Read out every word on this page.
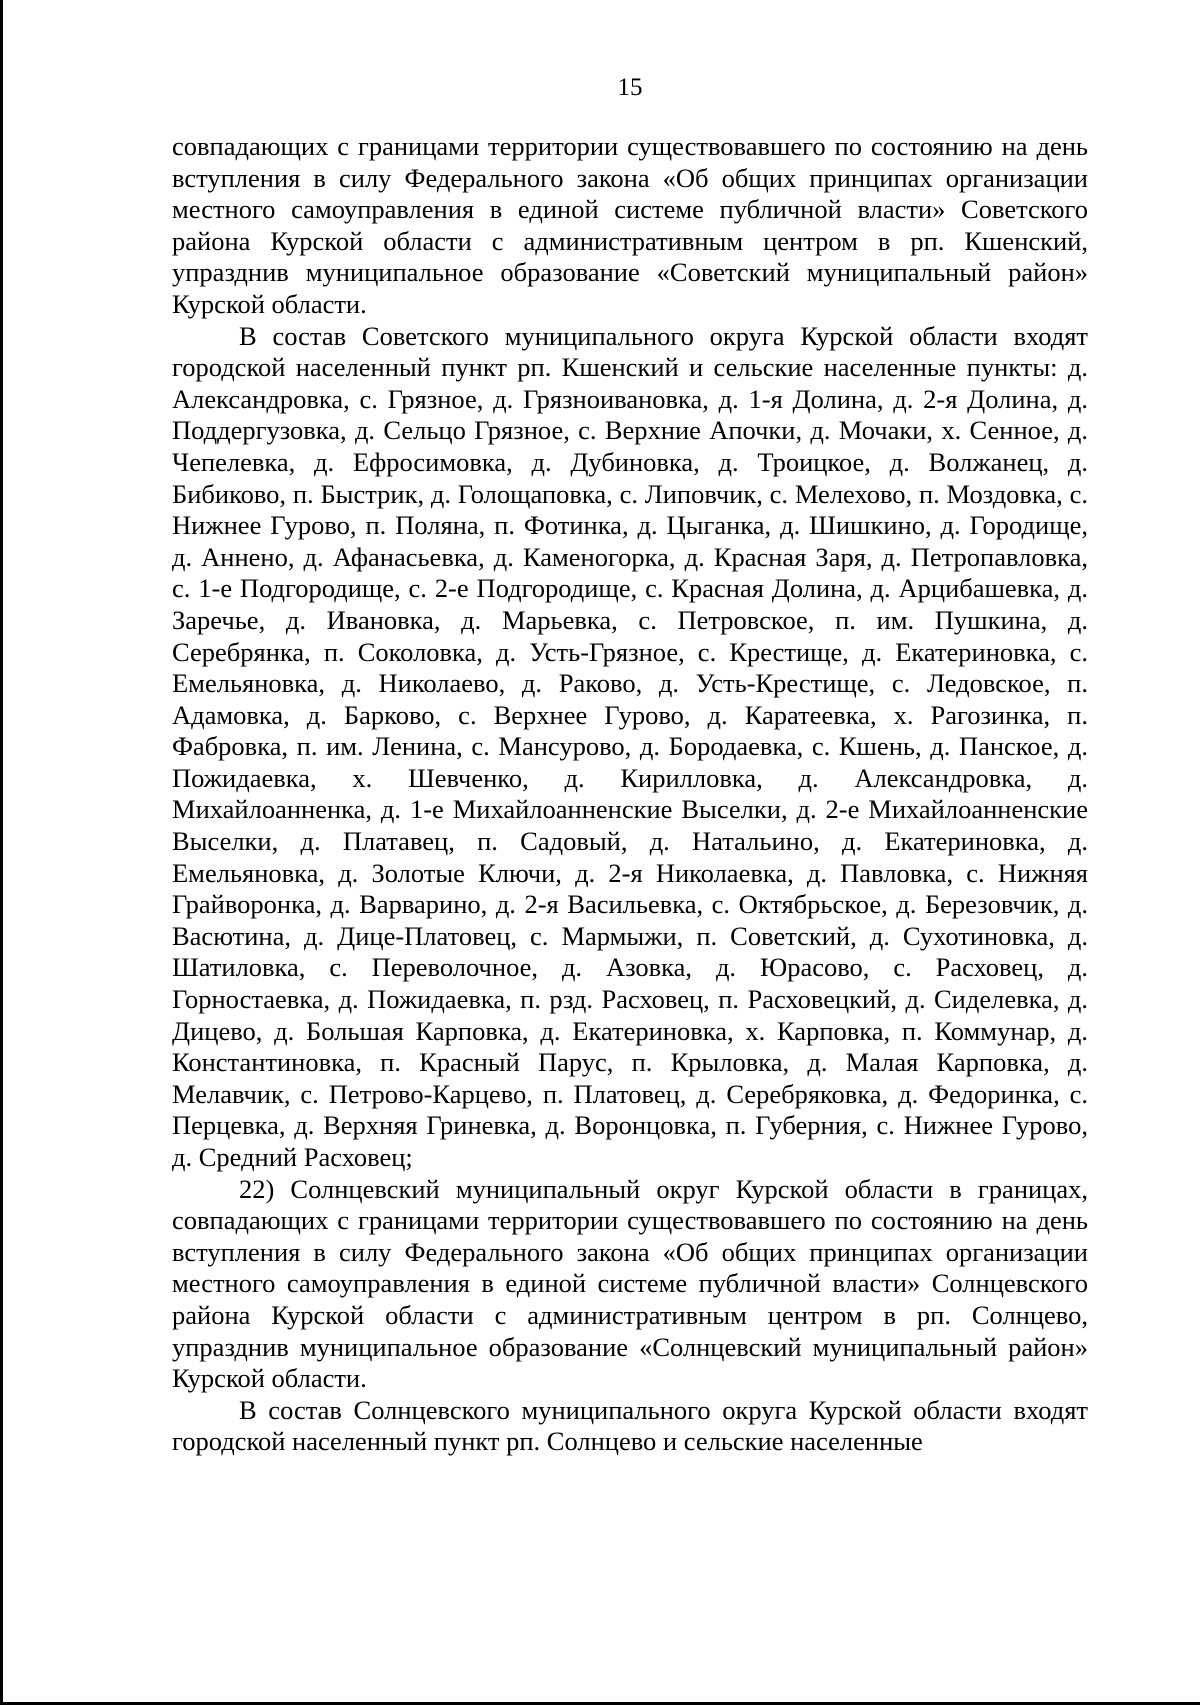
15

совпадающих с границами территории существовавшего по состоянию на день вступления в силу Федерального закона «Об общих принципах организации местного самоуправления в единой системе публичной власти» Советского района Курской области с административным центром в рп. Кшенский, упразднив муниципальное образование «Советский муниципальный район» Курской области.

В состав Советского муниципального округа Курской области входят городской населенный пункт рп. Кшенский и сельские населенные пункты: д. Александровка, с. Грязное, д. Грязноивановка, д. 1-я Долина, д. 2-я Долина, д. Поддергузовка, д. Сельцо Грязное, с. Верхние Апочки, д. Мочаки, х. Сенное, д. Чепелевка, д. Ефросимовка, д. Дубиновка, д. Троицкое, д. Волжанец, д. Бибиково, п. Быстрик, д. Голощаповка, с. Липовчик, с. Мелехово, п. Моздовка, с. Нижнее Гурово, п. Поляна, п. Фотинка, д. Цыганка, д. Шишкино, д. Городище, д. Аннено, д. Афанасьевка, д. Каменогорка, д. Красная Заря, д. Петропавловка, с. 1-е Подгородище, с. 2-е Подгородище, с. Красная Долина, д. Арцибашевка, д. Заречье, д. Ивановка, д. Марьевка, с. Петровское, п. им. Пушкина, д. Серебрянка, п. Соколовка, д. Усть-Грязное, с. Крестище, д. Екатериновка, с. Емельяновка, д. Николаево, д. Раково, д. Усть-Крестище, с. Ледовское, п. Адамовка, д. Барково, с. Верхнее Гурово, д. Каратеевка, х. Рагозинка, п. Фабровка, п. им. Ленина, с. Мансурово, д. Бородаевка, с. Кшень, д. Панское, д. Пожидаевка, х. Шевченко, д. Кирилловка, д. Александровка, д. Михайлоанненка, д. 1-е Михайлоанненские Выселки, д. 2-е Михайлоанненские Выселки, д. Платавец, п. Садовый, д. Натальино, д. Екатериновка, д. Емельяновка, д. Золотые Ключи, д. 2-я Николаевка, д. Павловка, с. Нижняя Грайворонка, д. Варварино, д. 2-я Васильевка, с. Октябрьское, д. Березовчик, д. Васютина, д. Дице-Платовец, с. Мармыжи, п. Советский, д. Сухотиновка, д. Шатиловка, с. Переволочное, д. Азовка, д. Юрасово, с. Расховец, д. Горностаевка, д. Пожидаевка, п. рзд. Расховец, п. Расховецкий, д. Сиделевка, д. Дицево, д. Большая Карповка, д. Екатериновка, х. Карповка, п. Коммунар, д. Константиновка, п. Красный Парус, п. Крыловка, д. Малая Карповка, д. Мелавчик, с. Петрово-Карцево, п. Платовец, д. Серебряковка, д. Федоринка, с. Перцевка, д. Верхняя Гриневка, д. Воронцовка, п. Губерния, с. Нижнее Гурово, д. Средний Расховец;

22) Солнцевский муниципальный округ Курской области в границах, совпадающих с границами территории существовавшего по состоянию на день вступления в силу Федерального закона «Об общих принципах организации местного самоуправления в единой системе публичной власти» Солнцевского района Курской области с административным центром в рп. Солнцево, упразднив муниципальное образование «Солнцевский муниципальный район» Курской области.

В состав Солнцевского муниципального округа Курской области входят городской населенный пункт рп. Солнцево и сельские населенные
